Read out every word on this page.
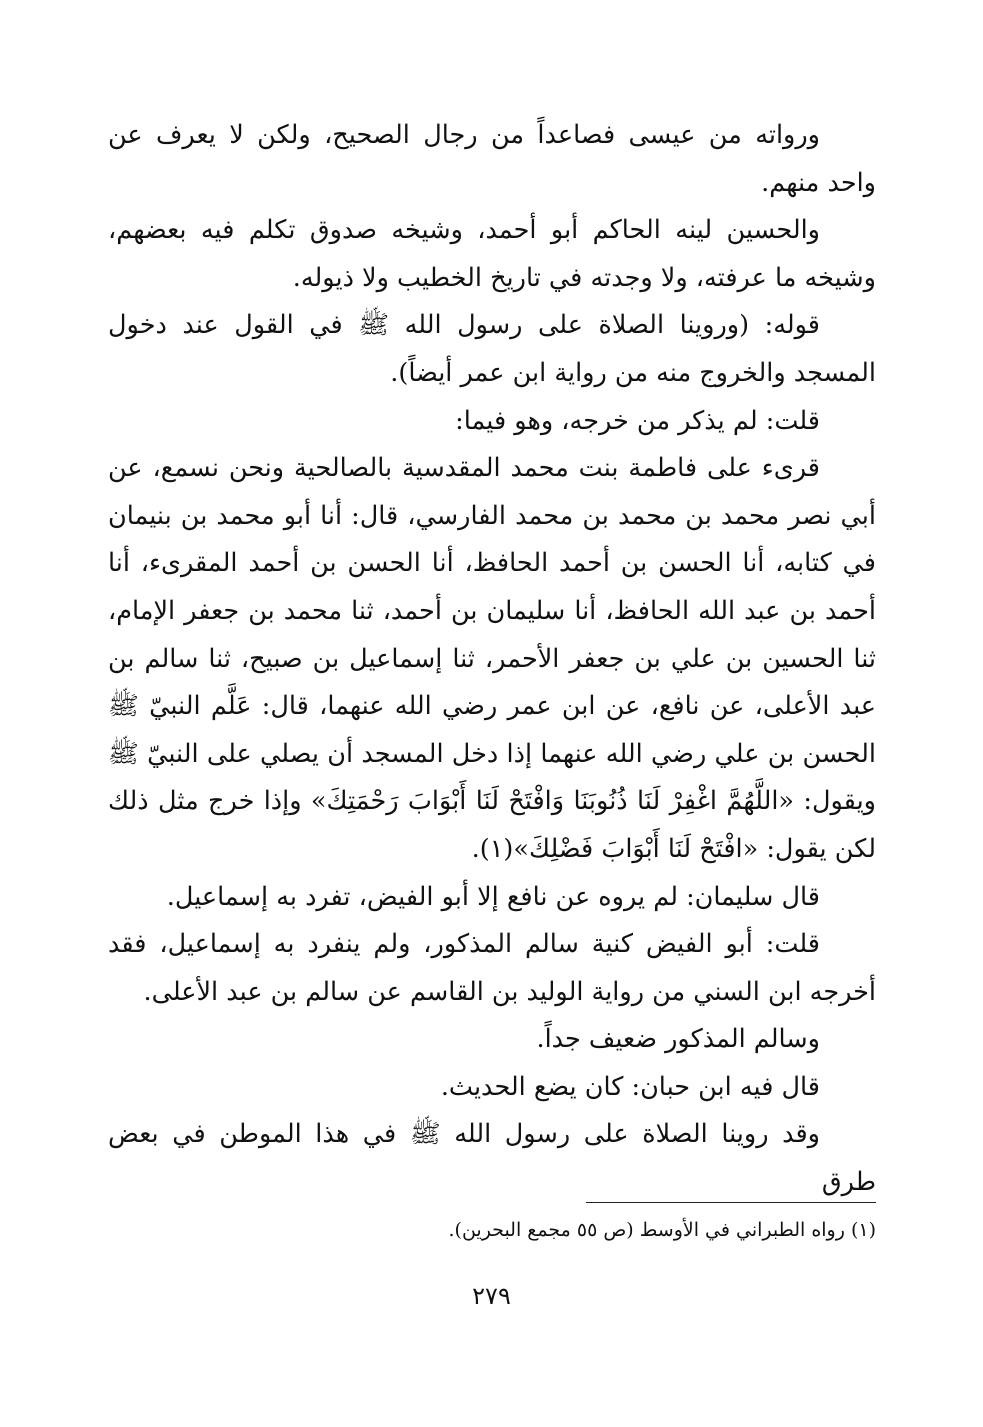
ورواته من عيسى فصاعداً من رجال الصحيح، ولكن لا يعرف عن واحد منهم.

والحسين لينه الحاكم أبو أحمد، وشيخه صدوق تكلم فيه بعضهم، وشيخه ما عرفته، ولا وجدته في تاريخ الخطيب ولا ذيوله.

قوله: (وروينا الصلاة على رسول الله ﷺ في القول عند دخول المسجد والخروج منه من رواية ابن عمر أيضاً).

قلت: لم يذكر من خرجه، وهو فيما:

قرىء على فاطمة بنت محمد المقدسية بالصالحية ونحن نسمع، عن أبي نصر محمد بن محمد بن محمد الفارسي، قال: أنا أبو محمد بن بنيمان في كتابه، أنا الحسن بن أحمد الحافظ، أنا الحسن بن أحمد المقرىء، أنا أحمد بن عبد الله الحافظ، أنا سليمان بن أحمد، ثنا محمد بن جعفر الإمام، ثنا الحسين بن علي بن جعفر الأحمر، ثنا إسماعيل بن صبيح، ثنا سالم بن عبد الأعلى، عن نافع، عن ابن عمر رضي الله عنهما، قال: عَلَّم النبيّ ﷺ الحسن بن علي رضي الله عنهما إذا دخل المسجد أن يصلي على النبيّ ﷺ ويقول: «اللَّهُمَّ اغْفِرْ لَنَا ذُنُوبَنَا وَافْتَحْ لَنَا أَبْوَابَ رَحْمَتِكَ» وإذا خرج مثل ذلك لكن يقول: «افْتَحْ لَنَا أَبْوَابَ فَضْلِكَ»(١).

قال سليمان: لم يروه عن نافع إلا أبو الفيض، تفرد به إسماعيل.

قلت: أبو الفيض كنية سالم المذكور، ولم ينفرد به إسماعيل، فقد أخرجه ابن السني من رواية الوليد بن القاسم عن سالم بن عبد الأعلى.

وسالم المذكور ضعيف جداً.

قال فيه ابن حبان: كان يضع الحديث.

وقد روينا الصلاة على رسول الله ﷺ في هذا الموطن في بعض طرق

(١) رواه الطبراني في الأوسط (ص ٥٥ مجمع البحرين).
٢٧٩
